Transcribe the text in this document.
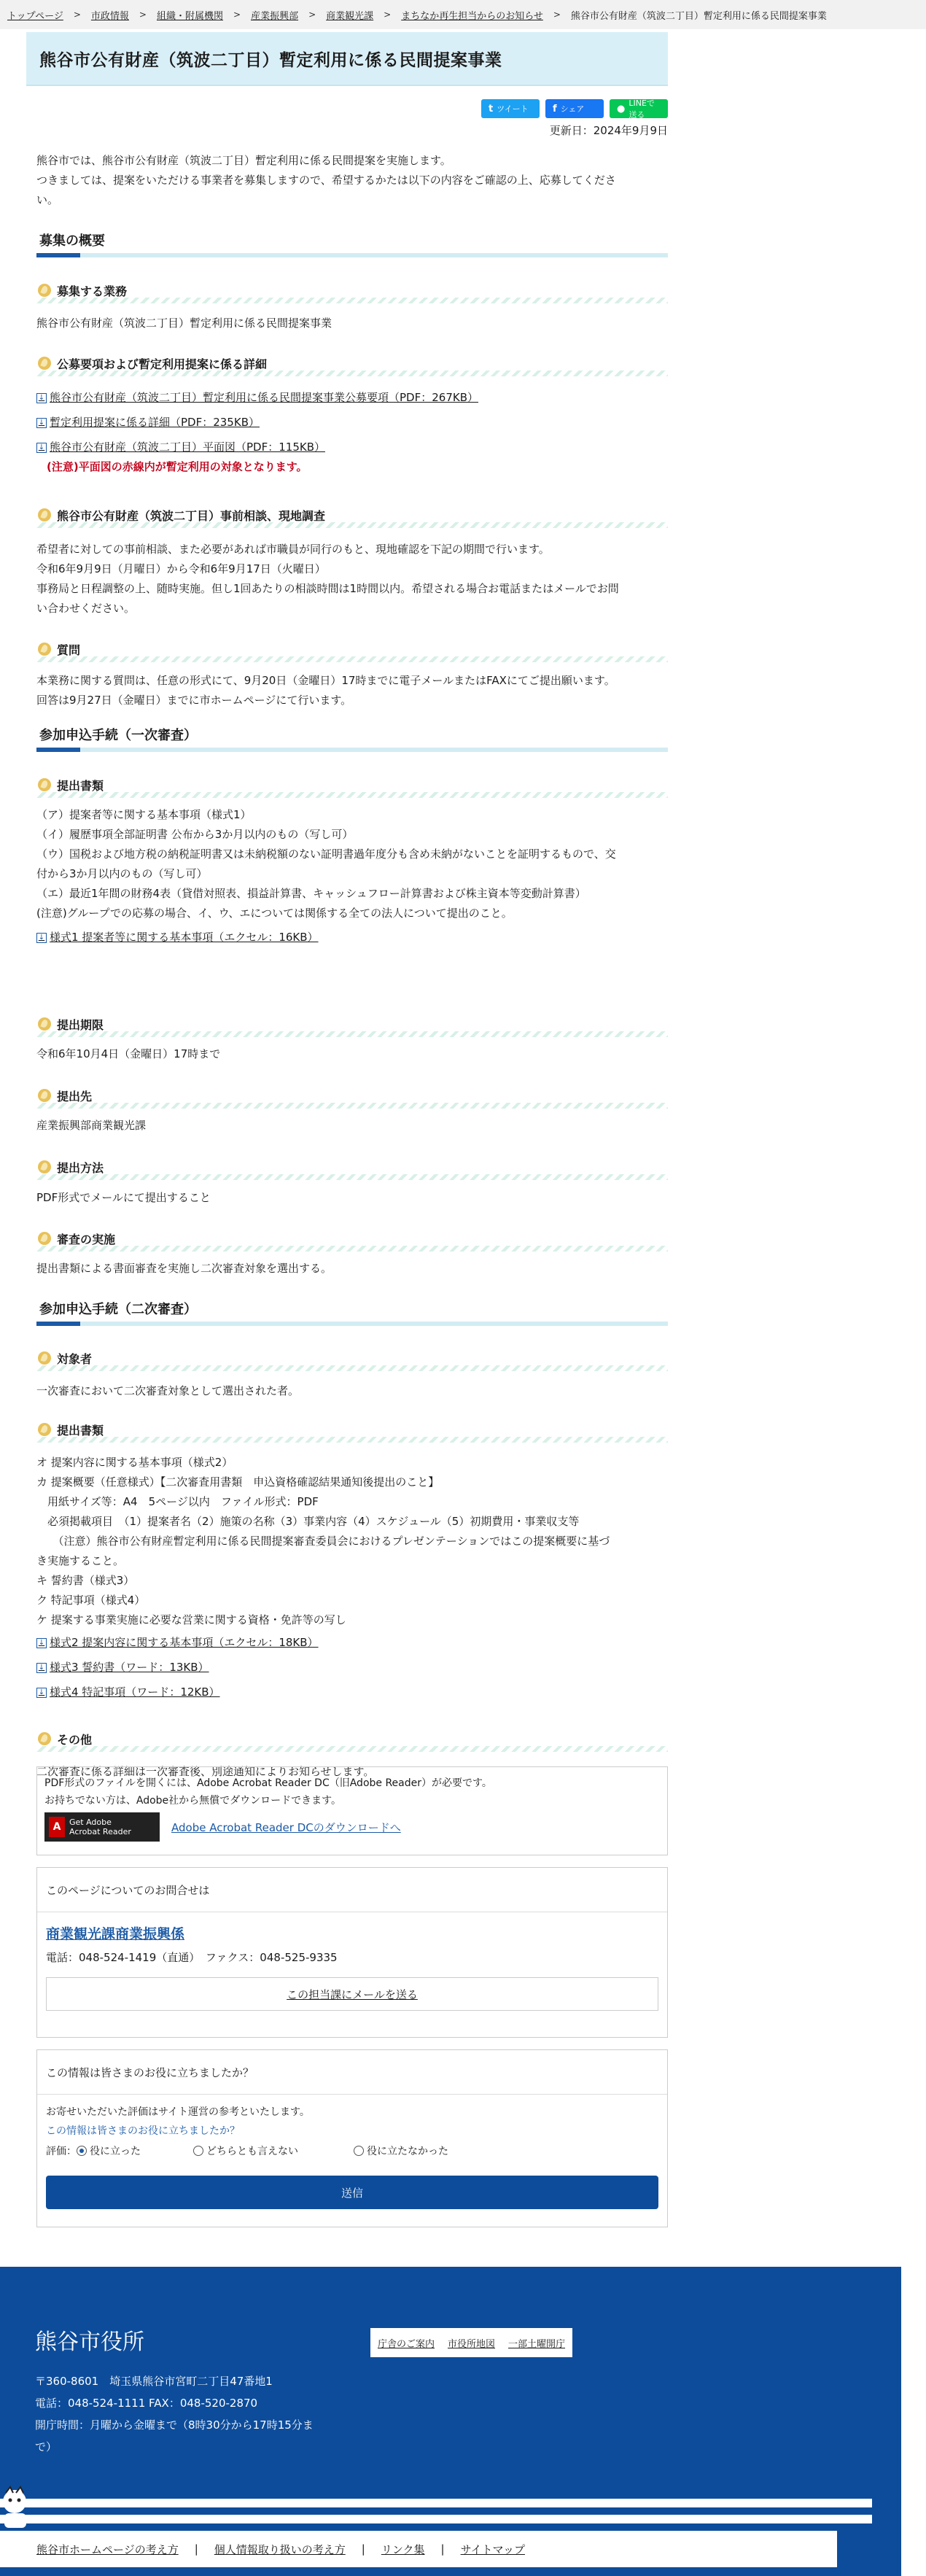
トップページ > 市政情報 > 組織・附属機関 > 産業振興部 > 商業観光課 > まちなか再生担当からのお知らせ > 熊谷市公有財産（筑波二丁目）暫定利用に係る民間提案事業
熊谷市公有財産（筑波二丁目）暫定利用に係る民間提案事業
t ツイート	f シェア	● LINEで送る
更新日：2024年9月9日

熊谷市では、熊谷市公有財産（筑波二丁目）暫定利用に係る民間提案を実施します。

つきましては、提案をいただける事業者を募集しますので、希望するかたは以下の内容をご確認の上、応募してくださ

い。

募集の概要
募集する業務

熊谷市公有財産（筑波二丁目）暫定利用に係る民間提案事業

公募要項および暫定利用提案に係る詳細
↓ 熊谷市公有財産（筑波二丁目）暫定利用に係る民間提案事業公募要項（PDF：267KB）
↓ 暫定利用提案に係る詳細（PDF：235KB）
↓ 熊谷市公有財産（筑波二丁目）平面図（PDF：115KB）

(注意)平面図の赤線内が暫定利用の対象となります。

熊谷市公有財産（筑波二丁目）事前相談、現地調査

希望者に対しての事前相談、また必要があれば市職員が同行のもと、現地確認を下記の期間で行います。

令和6年9月9日（月曜日）から令和6年9月17日（火曜日）

事務局と日程調整の上、随時実施。但し1回あたりの相談時間は1時間以内。希望される場合お電話またはメールでお問

い合わせください。

質問

本業務に関する質問は、任意の形式にて、9月20日（金曜日）17時までに電子メールまたはFAXにてご提出願います。

回答は9月27日（金曜日）までに市ホームページにて行います。

参加申込手続（一次審査）
提出書類

（ア）提案者等に関する基本事項（様式1）

（イ）履歴事項全部証明書 公布から3か月以内のもの（写し可）

（ウ）国税および地方税の納税証明書又は未納税額のない証明書過年度分も含め未納がないことを証明するもので、交

付から3か月以内のもの（写し可）

（エ）最近1年間の財務4表（貸借対照表、損益計算書、キャッシュフロー計算書および株主資本等変動計算書）

(注意)グループでの応募の場合、イ、ウ、エについては関係する全ての法人について提出のこと。

↓ 様式1 提案者等に関する基本事項（エクセル：16KB）
提出期限

令和6年10月4日（金曜日）17時まで

提出先

産業振興部商業観光課

提出方法

PDF形式でメールにて提出すること

審査の実施

提出書類による書面審査を実施し二次審査対象を選出する。

参加申込手続（二次審査）
対象者

一次審査において二次審査対象として選出された者。

提出書類

オ 提案内容に関する基本事項（様式2）

カ 提案概要（任意様式）【二次審査用書類　申込資格確認結果通知後提出のこと】

　用紙サイズ等：A4　5ページ以内　ファイル形式：PDF

　必須掲載項目　（1）提案者名（2）施策の名称（3）事業内容（4）スケジュール（5）初期費用・事業収支等

　　（注意）熊谷市公有財産暫定利用に係る民間提案審査委員会におけるプレゼンテーションではこの提案概要に基づ

き実施すること。

キ 誓約書（様式3）

ク 特記事項（様式4）

ケ 提案する事業実施に必要な営業に関する資格・免許等の写し

↓ 様式2 提案内容に関する基本事項（エクセル：18KB）
↓ 様式3 誓約書（ワード：13KB）
↓ 様式4 特記事項（ワード：12KB）
その他

二次審査に係る詳細は一次審査後、別途通知によりお知らせします。

PDF形式のファイルを開くには、Adobe Acrobat Reader DC（旧Adobe Reader）が必要です。
お持ちでない方は、Adobe社から無償でダウンロードできます。
A	Get Adobe
Acrobat Reader	Adobe Acrobat Reader DCのダウンロードへ
このページについてのお問合せは
商業観光課商業振興係
電話：048-524-1419（直通）　ファクス：048-525-9335
この担当課にメールを送る
この情報は皆さまのお役に立ちましたか？
お寄せいただいた評価はサイト運営の参考といたします。
この情報は皆さまのお役に立ちましたか？
評価： 役に立った	どちらとも言えない	役に立たなかった
送信
熊谷市役所
〒360-8601　埼玉県熊谷市宮町二丁目47番地1
電話：048-524-1111 FAX：048-520-2870
開庁時間：月曜から金曜まで（8時30分から17時15分ま
で）
庁舎のご案内 市役所地図 一部土曜開庁
熊谷市ホームページの考え方 | 個人情報取り扱いの考え方 | リンク集 | サイトマップ
